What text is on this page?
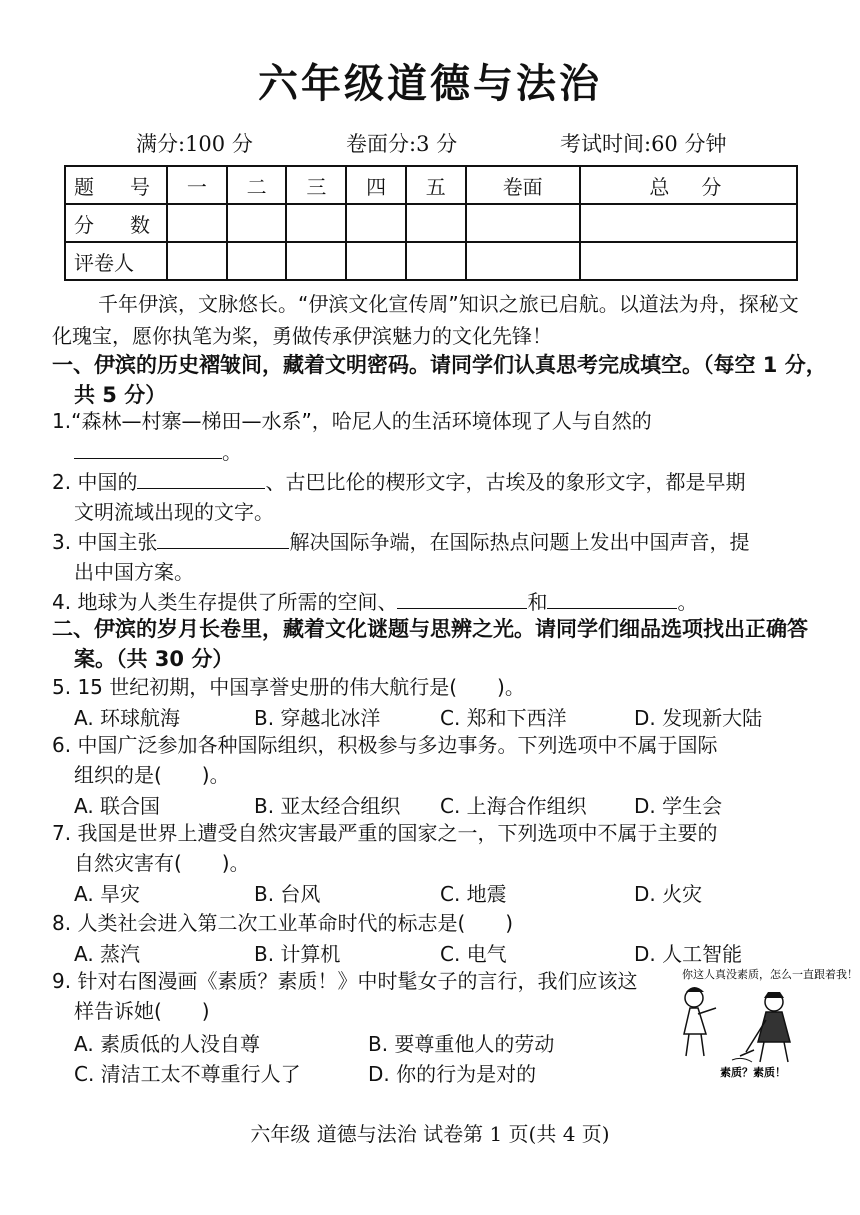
六年级道德与法治
满分:100 分	卷面分:3 分	考试时间:60 分钟
题　号	一	二	三	四	五	卷面	总　分
分　数							
评卷人							
千年伊滨，文脉悠长。“伊滨文化宣传周”知识之旅已启航。以道法为舟，探秘文化瑰宝，愿你执笔为桨，勇做传承伊滨魅力的文化先锋！
一、伊滨的历史褶皱间，藏着文明密码。请同学们认真思考完成填空。（每空 1 分，共 5 分）
1.“森林—村寨—梯田—水系”，哈尼人的生活环境体现了人与自然的
。
2. 中国的	、古巴比伦的楔形文字，古埃及的象形文字，都是早期
文明流域出现的文字。
3. 中国主张	解决国际争端，在国际热点问题上发出中国声音，提
出中国方案。
4. 地球为人类生存提供了所需的空间、	和	。
二、伊滨的岁月长卷里，藏着文化谜题与思辨之光。请同学们细品选项找出正确答案。（共 30 分）
5. 15 世纪初期，中国享誉史册的伟大航行是(　　)。
A. 环球航海	B. 穿越北冰洋	C. 郑和下西洋	D. 发现新大陆
6. 中国广泛参加各种国际组织，积极参与多边事务。下列选项中不属于国际
组织的是(　　)。
A. 联合国	B. 亚太经合组织 C. 上海合作组织 D. 学生会
7. 我国是世界上遭受自然灾害最严重的国家之一，下列选项中不属于主要的
自然灾害有(　　)。
A. 旱灾	B. 台风	C. 地震	D. 火灾
8. 人类社会进入第二次工业革命时代的标志是(　　)
A. 蒸汽	B. 计算机	C. 电气	D. 人工智能
9. 针对右图漫画《素质？素质！》中时髦女子的言行，我们应该这
样告诉她(　　)
A. 素质低的人没自尊	B. 要尊重他人的劳动
C. 清洁工太不尊重行人了	D. 你的行为是对的
你这人真没素质，怎么一直跟着我！
素质？素质！
六年级 道德与法治 试卷第 1 页(共 4 页)
